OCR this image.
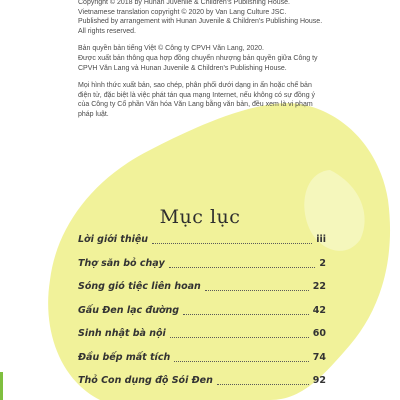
Copyright © 2018 by Hunan Juvenile & Children's Publishing House.
Vietnamese translation copyright © 2020 by Van Lang Culture JSC.
Published by arrangement with Hunan Juvenile & Children's Publishing House.
All rights reserved.
Bản quyền bản tiếng Việt © Công ty CPVH Văn Lang, 2020.
Được xuất bản thông qua hợp đồng chuyển nhượng bản quyền giữa Công ty
CPVH Văn Lang và Hunan Juvenile & Children's Publishing House.
Mọi hình thức xuất bản, sao chép, phân phối dưới dạng in ấn hoặc chế bản
điện tử, đặc biệt là việc phát tán qua mạng Internet, nếu không có sự đồng ý
của Công ty Cổ phần Văn hóa Văn Lang bằng văn bản, đều xem là vi phạm
pháp luật.
Mục lục
Lời giới thiệu	iii
Thợ săn bỏ chạy	2
Sóng gió tiệc liên hoan	22
Gấu Đen lạc đường	42
Sinh nhật bà nội	60
Đầu bếp mất tích	74
Thỏ Con dụng độ Sói Đen	92
